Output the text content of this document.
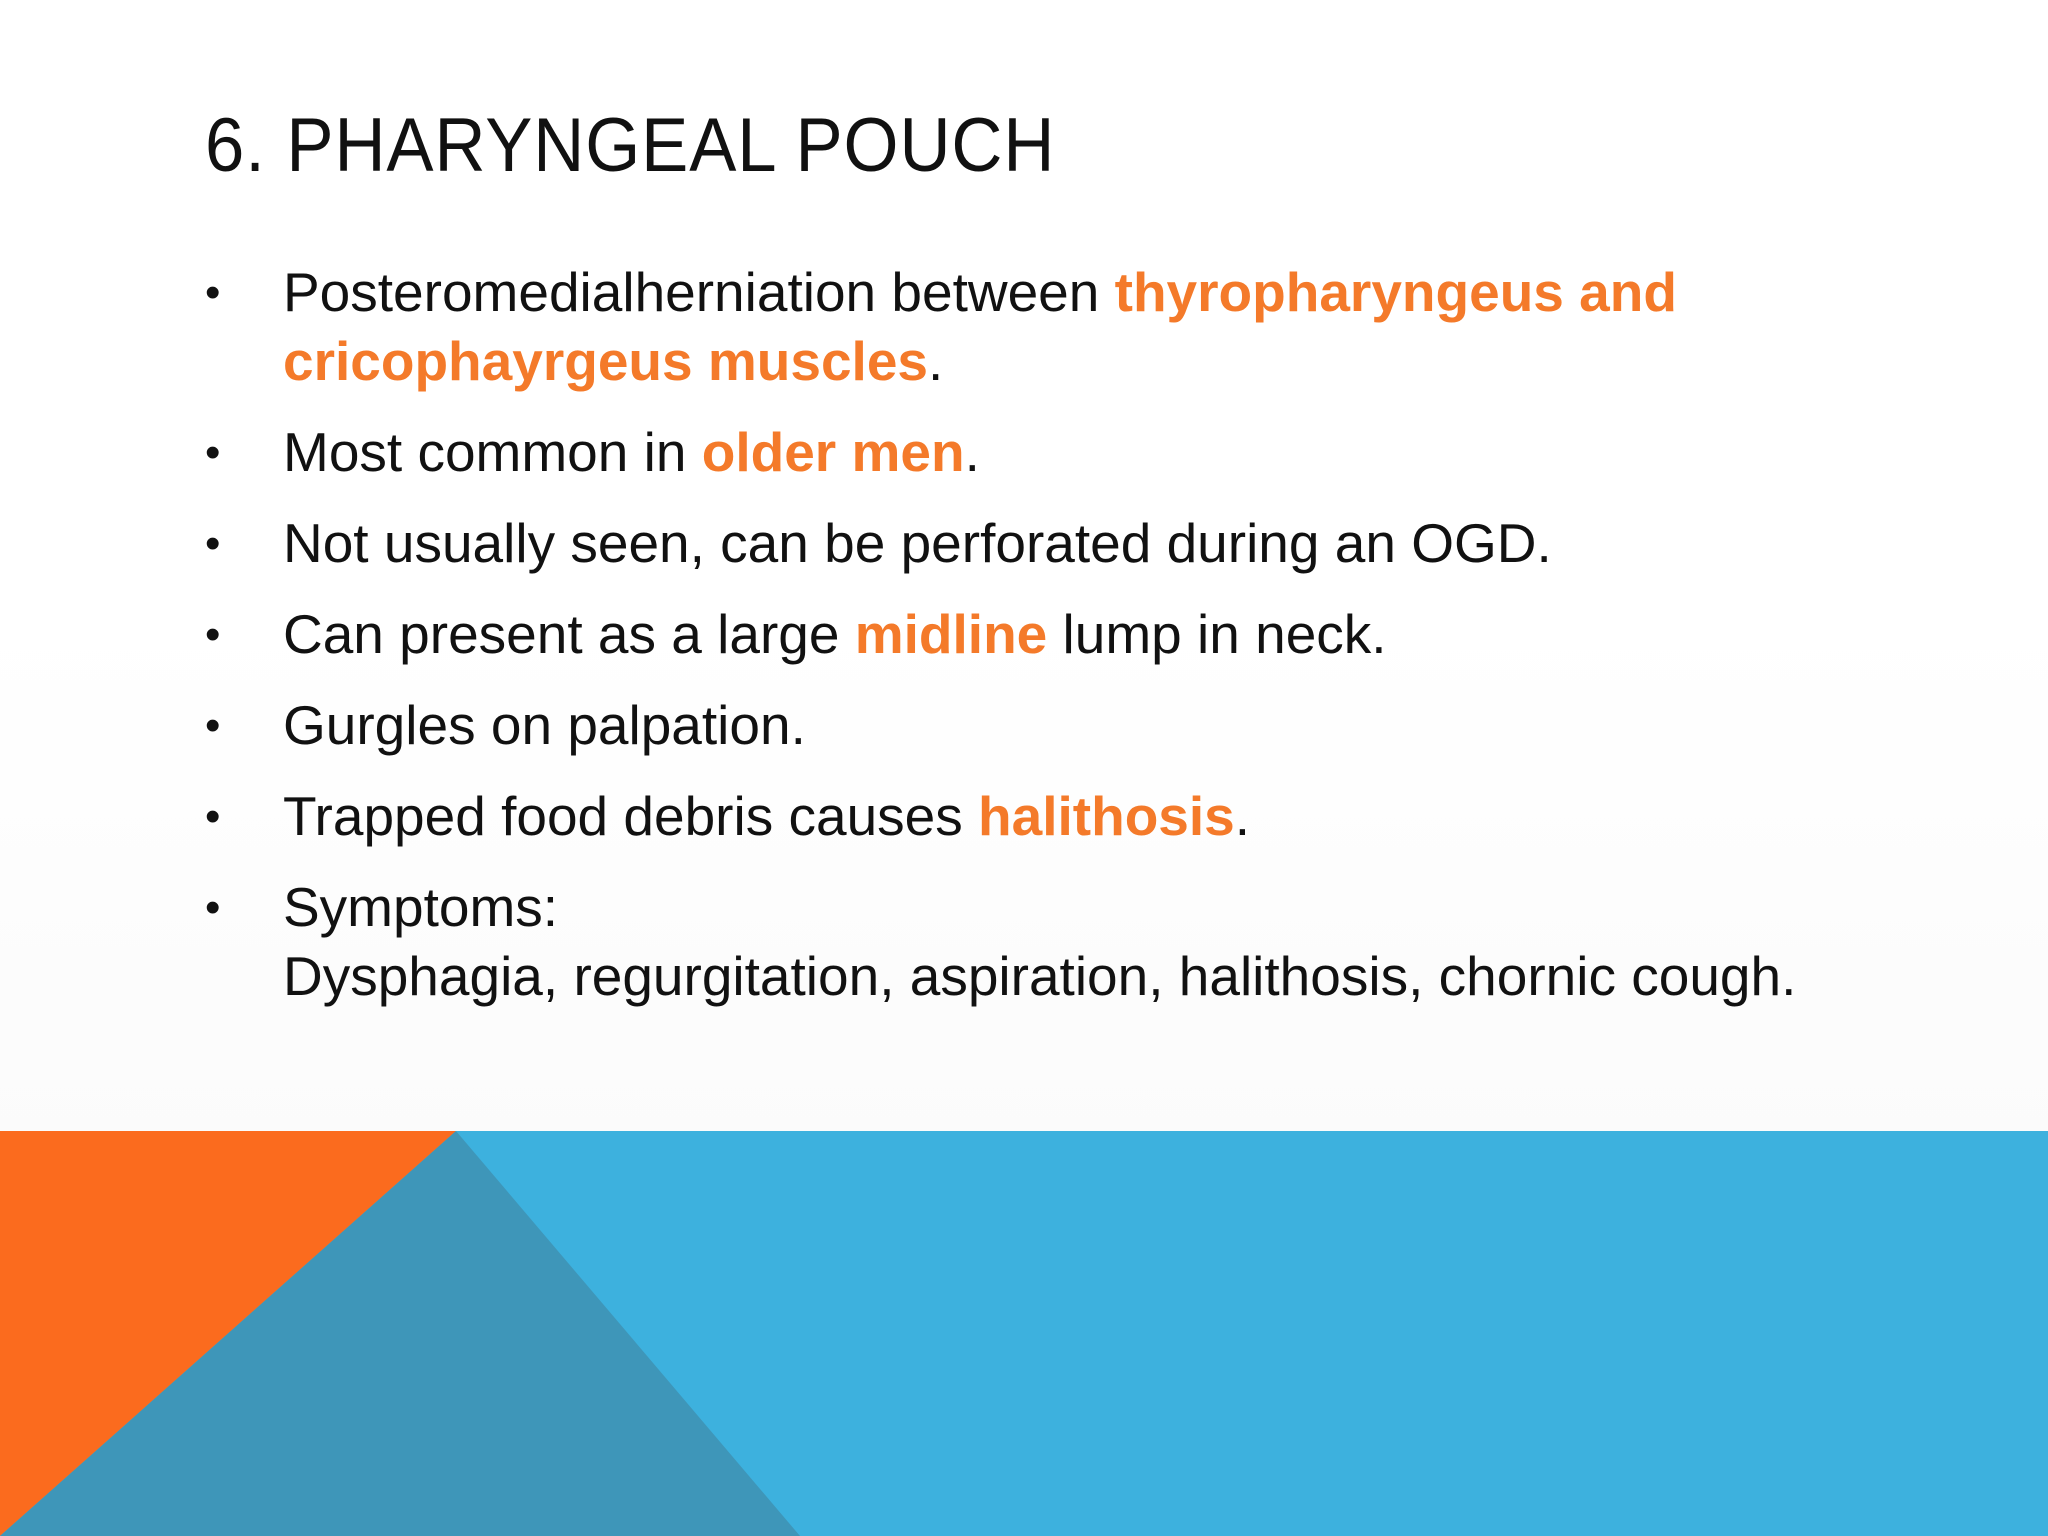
6. PHARYNGEAL POUCH
•	Posteromedialherniation between thyropharyngeus and cricophayrgeus muscles.
•	Most common in older men.
•	Not usually seen, can be perforated during an OGD.
•	Can present as a large midline lump in neck.
•	Gurgles on palpation.
•	Trapped food debris causes halithosis.
•	Symptoms:
Dysphagia, regurgitation, aspiration, halithosis, chornic cough.
